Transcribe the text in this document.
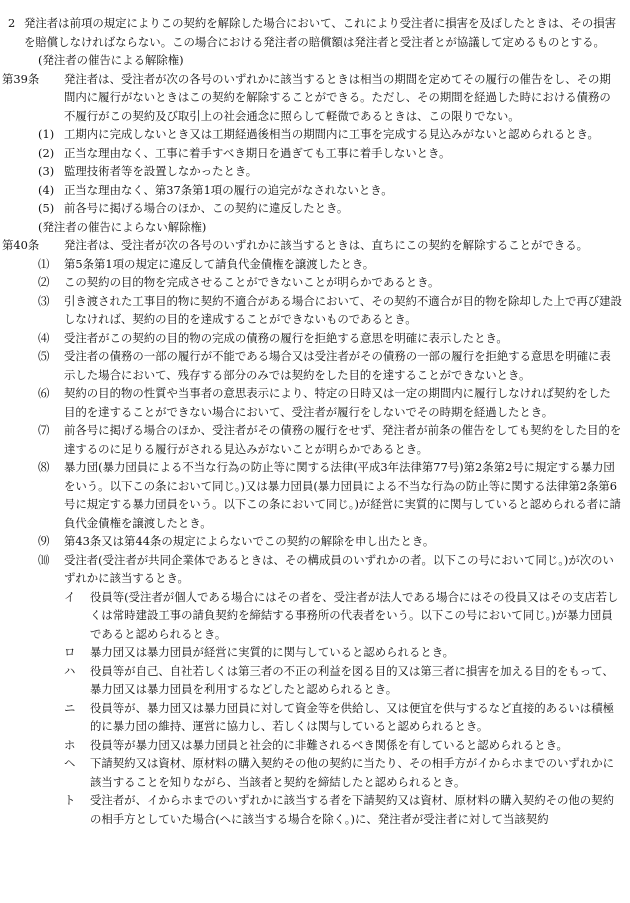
2 発注者は前項の規定によりこの契約を解除した場合において、これにより受注者に損害を及ぼしたときは、その損害を賠償しなければならない。この場合における発注者の賠償額は発注者と受注者とが協議して定めるものとする。

(発注者の催告による解除権)

第39条	発注者は、受注者が次の各号のいずれかに該当するときは相当の期間を定めてその履行の催告をし、その期間内に履行がないときはこの契約を解除することができる。ただし、その期間を経過した時における債務の不履行がこの契約及び取引上の社会通念に照らして軽微であるときは、この限りでない。

(1) 工期内に完成しないとき又は工期経過後相当の期間内に工事を完成する見込みがないと認められるとき。

(2) 正当な理由なく、工事に着手すべき期日を過ぎても工事に着手しないとき。

(3) 監理技術者等を設置しなかったとき。

(4) 正当な理由なく、第37条第1項の履行の追完がなされないとき。

(5) 前各号に掲げる場合のほか、この契約に違反したとき。

(発注者の催告によらない解除権)

第40条	発注者は、受注者が次の各号のいずれかに該当するときは、直ちにこの契約を解除することができる。

⑴	第5条第1項の規定に違反して請負代金債権を譲渡したとき。

⑵	この契約の目的物を完成させることができないことが明らかであるとき。

⑶	引き渡された工事目的物に契約不適合がある場合において、その契約不適合が目的物を除却した上で再び建設しなければ、契約の目的を達成することができないものであるとき。

⑷	受注者がこの契約の目的物の完成の債務の履行を拒絶する意思を明確に表示したとき。

⑸	受注者の債務の一部の履行が不能である場合又は受注者がその債務の一部の履行を拒絶する意思を明確に表示した場合において、残存する部分のみでは契約をした目的を達することができないとき。

⑹	契約の目的物の性質や当事者の意思表示により、特定の日時又は一定の期間内に履行しなければ契約をした目的を達することができない場合において、受注者が履行をしないでその時期を経過したとき。

⑺	前各号に掲げる場合のほか、受注者がその債務の履行をせず、発注者が前条の催告をしても契約をした目的を達するのに足りる履行がされる見込みがないことが明らかであるとき。

⑻	暴力団(暴力団員による不当な行為の防止等に関する法律(平成3年法律第77号)第2条第2号に規定する暴力団をいう。以下この条において同じ。)又は暴力団員(暴力団員による不当な行為の防止等に関する法律第2条第6号に規定する暴力団員をいう。以下この条において同じ。)が経営に実質的に関与していると認められる者に請負代金債権を譲渡したとき。

⑼	第43条又は第44条の規定によらないでこの契約の解除を申し出たとき。

⑽	受注者(受注者が共同企業体であるときは、その構成員のいずれかの者。以下この号において同じ。)が次のいずれかに該当するとき。

イ	役員等(受注者が個人である場合にはその者を、受注者が法人である場合にはその役員又はその支店若しくは常時建設工事の請負契約を締結する事務所の代表者をいう。以下この号において同じ。)が暴力団員であると認められるとき。

ロ	暴力団又は暴力団員が経営に実質的に関与していると認められるとき。

ハ	役員等が自己、自社若しくは第三者の不正の利益を図る目的又は第三者に損害を加える目的をもって、暴力団又は暴力団員を利用するなどしたと認められるとき。

ニ	役員等が、暴力団又は暴力団員に対して資金等を供給し、又は便宜を供与するなど直接的あるいは積極的に暴力団の維持、運営に協力し、若しくは関与していると認められるとき。

ホ	役員等が暴力団又は暴力団員と社会的に非難されるべき関係を有していると認められるとき。

ヘ	下請契約又は資材、原材料の購入契約その他の契約に当たり、その相手方がイからホまでのいずれかに該当することを知りながら、当該者と契約を締結したと認められるとき。

ト	受注者が、イからホまでのいずれかに該当する者を下請契約又は資材、原材料の購入契約その他の契約の相手方としていた場合(ヘに該当する場合を除く。)に、発注者が受注者に対して当該契約
